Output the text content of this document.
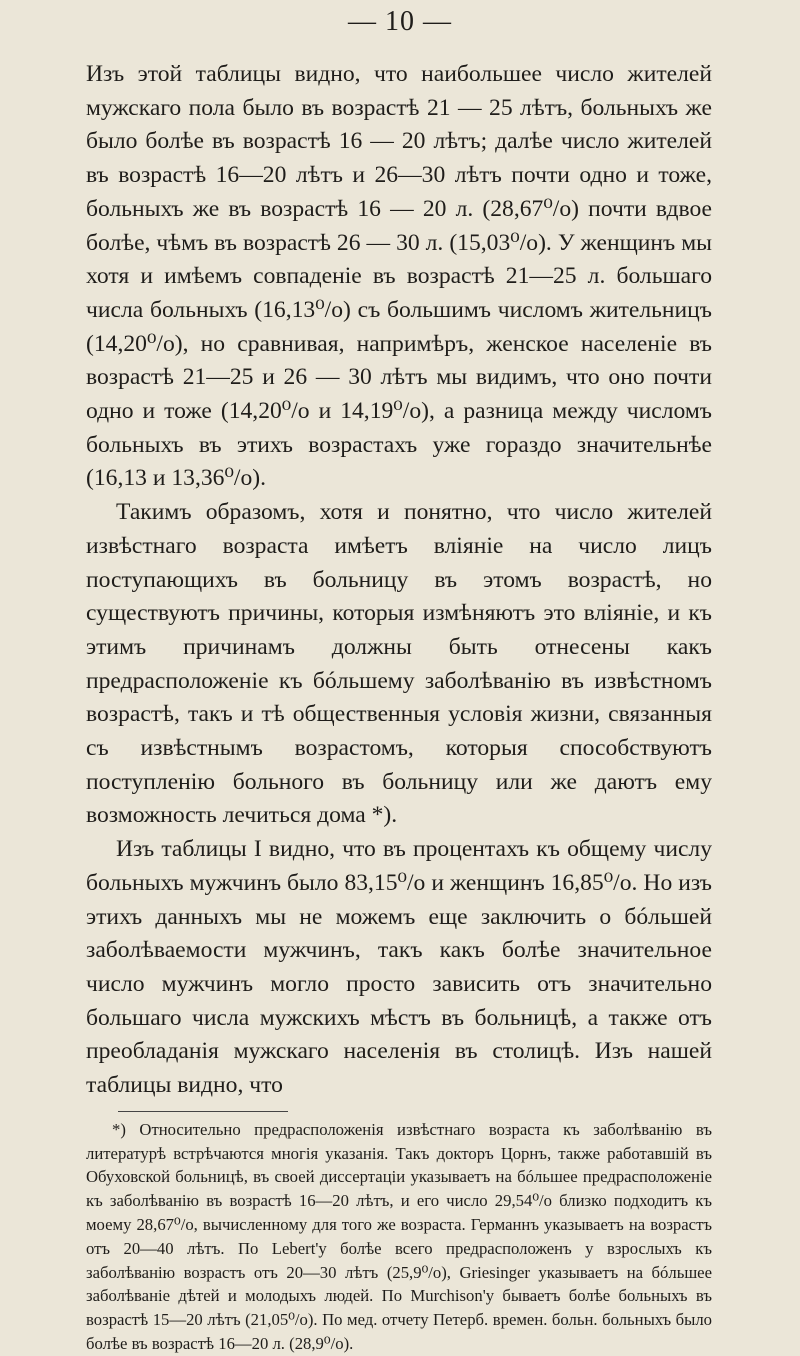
— 10 —

Изъ этой таблицы видно, что наибольшее число жителей мужскаго пола было въ возрастѣ 21 — 25 лѣтъ, больныхъ же было болѣе въ возрастѣ 16 — 20 лѣтъ; далѣе число жителей въ возрастѣ 16—20 лѣтъ и 26—30 лѣтъ почти одно и тоже, больныхъ же въ возрастѣ 16 — 20 л. (28,67⁰/о) почти вдвое болѣе, чѣмъ въ возрастѣ 26 — 30 л. (15,03⁰/о). У женщинъ мы хотя и имѣемъ совпаденіе въ возрастѣ 21—25 л. большаго числа больныхъ (16,13⁰/о) съ большимъ числомъ жительницъ (14,20⁰/о), но сравнивая, напримѣръ, женское населеніе въ возрастѣ 21—25 и 26 — 30 лѣтъ мы видимъ, что оно почти одно и тоже (14,20⁰/о и 14,19⁰/о), а разница между числомъ больныхъ въ этихъ возрастахъ уже гораздо значительнѣе (16,13 и 13,36⁰/о).

Такимъ образомъ, хотя и понятно, что число жителей извѣстнаго возраста имѣетъ вліяніе на число лицъ поступающихъ въ больницу въ этомъ возрастѣ, но существуютъ причины, которыя измѣняютъ это вліяніе, и къ этимъ причинамъ должны быть отнесены какъ предрасположеніе къ бóльшему заболѣванію въ извѣстномъ возрастѣ, такъ и тѣ общественныя условія жизни, связанныя съ извѣстнымъ возрастомъ, которыя способствуютъ поступленію больного въ больницу или же даютъ ему возможность лечиться дома *).

Изъ таблицы I видно, что въ процентахъ къ общему числу больныхъ мужчинъ было 83,15⁰/о и женщинъ 16,85⁰/о. Но изъ этихъ данныхъ мы не можемъ еще заключить о бóльшей заболѣваемости мужчинъ, такъ какъ болѣе значительное число мужчинъ могло просто зависить отъ значительно большаго числа мужскихъ мѣстъ въ больницѣ, а также отъ преобладанія мужскаго населенія въ столицѣ. Изъ нашей таблицы видно, что

*) Относительно предрасположенія извѣстнаго возраста къ заболѣванію въ литературѣ встрѣчаются многія указанія. Такъ докторъ Цорнъ, также работавшій въ Обуховской больницѣ, въ своей диссертаціи указываетъ на бóльшее предрасположеніе къ заболѣванію въ возрастѣ 16—20 лѣтъ, и его число 29,54⁰/о близко подходитъ къ моему 28,67⁰/о, вычисленному для того же возраста. Германнъ указываетъ на возрастъ отъ 20—40 лѣтъ. По Lebert'у болѣе всего предрасположенъ у взрослыхъ къ заболѣванію возрастъ отъ 20—30 лѣтъ (25,9⁰/о), Griesinger указываетъ на бóльшее заболѣваніе дѣтей и молодыхъ людей. По Murchison'у бываетъ болѣе больныхъ въ возрастѣ 15—20 лѣтъ (21,05⁰/о). По мед. отчету Петерб. времен. больн. больныхъ было болѣе въ возрастѣ 16—20 л. (28,9⁰/о).
